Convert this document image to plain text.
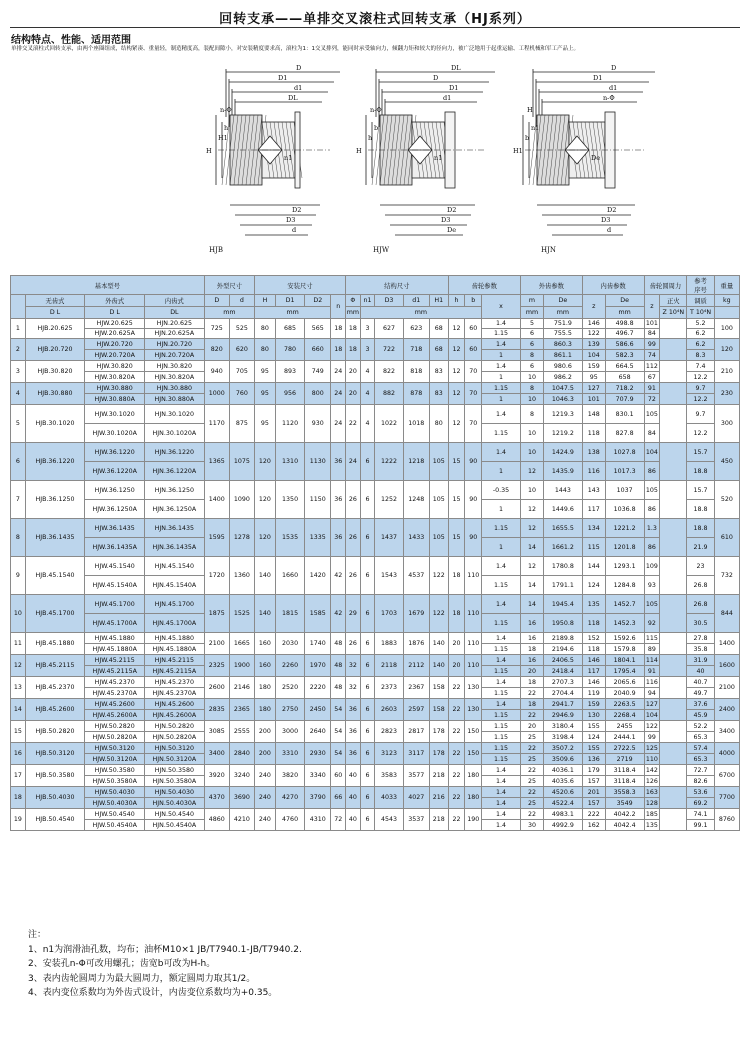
回转支承——单排交叉滚柱式回转支承（HJ系列）
结构特点、性能、适用范围
单排交叉滚柱式回转支承，由两个座圈组成，结构紧凑、重量轻，制造精度高，装配间隙小，对安装精度要求高，滚柱为1：1交叉排列，能同时承受轴向力，倾翻力矩和较大的径向力，被广泛地用于起重运输、工程机械和军工产品上。
D
D1
d1
DL
n-Φ
H
H1
h
n1
D2
D3
d
DL
D
D1
d1
n-Φ
H
h
b
n1
D2
D3
De
D
D1
d1
n-Φ
H
H1
b
n1
De
D2
D3
d
HJB	HJW	HJN
基本型号				外型尺寸		安装尺寸				结构尺寸					齿轮参数			外齿参数		内齿参数		齿轮圆周力		参考
序号	重量
	无齿式	外齿式	内齿式	D	d	H	D1	D2	n	Φ	n1	D3	d1	H1	h	b	x	m	De	z	De	z	正火	调质	kg
	D L	D L	DL	mm		mm				mm	mm							mm	mm		mm		Z 10⁴N	T 10⁴N	
1	HJB.20.625	HJW.20.625	HJN.20.625	725	525	80	685	565	18	18	3	627	623	68	12	60	1.4	5	751.9	146	498.8	101		5.2	100
		HJW.20.625A	HJN.20.625A														1.15	6	755.5	122	496.7	84		6.2	
2	HJB.20.720	HJW.20.720	HJN.20.720	820	620	80	780	660	18	18	3	722	718	68	12	60	1.4	6	860.3	139	586.6	99		6.2	120
		HJW.20.720A	HJN.20.720A														1	8	861.1	104	582.3	74		8.3	
3	HJB.30.820	HJW.30.820	HJN.30.820	940	705	95	893	749	24	20	4	822	818	83	12	70	1.4	6	980.6	159	664.5	112		7.4	210
		HJW.30.820A	HJN.30.820A														1	10	986.2	95	658	67		12.2	
4	HJB.30.880	HJW.30.880	HJN.30.880	1000	760	95	956	800	24	20	4	882	878	83	12	70	1.15	8	1047.5	127	718.2	91		9.7	230
		HJW.30.880A	HJN.30.880A														1	10	1046.3	101	707.9	72		12.2	
5	HJB.30.1020	HJW.30.1020	HJN.30.1020	1170	875	95	1120	930	24	22	4	1022	1018	80	12	70	1.4	8	1219.3	148	830.1	105		9.7	300
		HJW.30.1020A	HJN.30.1020A														1.15	10	1219.2	118	827.8	84		12.2	
6	HJB.36.1220	HJW.36.1220	HJN.36.1220	1365	1075	120	1310	1130	36	24	6	1222	1218	105	15	90	1.4	10	1424.9	138	1027.8	104		15.7	450
		HJW.36.1220A	HJN.36.1220A														1	12	1435.9	116	1017.3	86		18.8	
7	HJB.36.1250	HJW.36.1250	HJN.36.1250	1400	1090	120	1350	1150	36	26	6	1252	1248	105	15	90	-0.35	10	1443	143	1037	105		15.7	520
		HJW.36.1250A	HJN.36.1250A														1	12	1449.6	117	1036.8	86		18.8	
8	HJB.36.1435	HJW.36.1435	HJN.36.1435	1595	1278	120	1535	1335	36	26	6	1437	1433	105	15	90	1.15	12	1655.5	134	1221.2	1.3		18.8	610
		HJW.36.1435A	HJN.36.1435A														1	14	1661.2	115	1201.8	86		21.9	
9	HJB.45.1540	HJW.45.1540	HJN.45.1540	1720	1360	140	1660	1420	42	26	6	1543	4537	122	18	110	1.4	12	1780.8	144	1293.1	109		23	732
		HJW.45.1540A	HJN.45.1540A														1.15	14	1791.1	124	1284.8	93		26.8	
10	HJB.45.1700	HJW.45.1700	HJN.45.1700	1875	1525	140	1815	1585	42	29	6	1703	1679	122	18	110	1.4	14	1945.4	135	1452.7	105		26.8	844
		HJW.45.1700A	HJN.45.1700A														1.15	16	1950.8	118	1452.3	92		30.5	
11	HJB.45.1880	HJW.45.1880	HJN.45.1880	2100	1665	160	2030	1740	48	26	6	1883	1876	140	20	110	1.4	16	2189.8	152	1592.6	115		27.8	1400
		HJW.45.1880A	HJN.45.1880A														1.15	18	2194.6	118	1579.8	89		35.8	
12	HJB.45.2115	HJW.45.2115	HJN.45.2115	2325	1900	160	2260	1970	48	32	6	2118	2112	140	20	110	1.4	16	2406.5	146	1804.1	114		31.9	1600
		HJW.45.2115A	HJN.45.2115A														1.15	20	2418.4	117	1795.4	91		40	
13	HJB.45.2370	HJW.45.2370	HJN.45.2370	2600	2146	180	2520	2220	48	32	6	2373	2367	158	22	130	1.4	18	2707.3	146	2065.6	116		40.7	2100
		HJW.45.2370A	HJN.45.2370A														1.15	22	2704.4	119	2040.9	94		49.7	
14	HJB.45.2600	HJW.45.2600	HJN.45.2600	2835	2365	180	2750	2450	54	36	6	2603	2597	158	22	130	1.4	18	2941.7	159	2263.5	127		37.6	2400
		HJW.45.2600A	HJN.45.2600A														1.15	22	2946.9	130	2268.4	104		45.9	
15	HJB.50.2820	HJW.50.2820	HJN.50.2820	3085	2555	200	3000	2640	54	36	6	2823	2817	178	22	150	1.15	20	3180.4	155	2455	122		52.2	3400
		HJW.50.2820A	HJN.50.2820A														1.15	25	3198.4	124	2444.1	99		65.3	
16	HJB.50.3120	HJW.50.3120	HJN.50.3120	3400	2840	200	3310	2930	54	36	6	3123	3117	178	22	150	1.15	22	3507.2	155	2722.5	125		57.4	4000
		HJW.50.3120A	HJN.50.3120A														1.15	25	3509.6	136	2719	110		65.3	
17	HJB.50.3580	HJW.50.3580	HJN.50.3580	3920	3240	240	3820	3340	60	40	6	3583	3577	218	22	180	1.4	22	4036.1	179	3118.4	142		72.7	6700
		HJW.50.3580A	HJN.50.3580A														1.4	25	4035.6	157	3118.4	126		82.6	
18	HJB.50.4030	HJW.50.4030	HJN.50.4030	4370	3690	240	4270	3790	66	40	6	4033	4027	216	22	180	1.4	22	4520.6	201	3558.3	163		53.6	7700
		HJW.50.4030A	HJN.50.4030A														1.4	25	4522.4	157	3549	128		69.2	
19	HJB.50.4540	HJW.50.4540	HJN.50.4540	4860	4210	240	4760	4310	72	40	6	4543	3537	218	22	190	1.4	22	4983.1	222	4042.2	185		74.1	8760
		HJW.50.4540A	HJN.50.4540A														1.4	30	4992.9	162	4042.4	135		99.1	
注：
1、n1为润滑油孔数，均布；油杯M10×1 JB/T7940.1-JB/T7940.2.
2、安装孔n-Φ可改用螺孔；齿宽b可改为H-h。
3、表内齿轮圆周力为最大圆周力，额定圆周力取其1/2。
4、表内变位系数均为外齿式设计，内齿变位系数均为+0.35。
